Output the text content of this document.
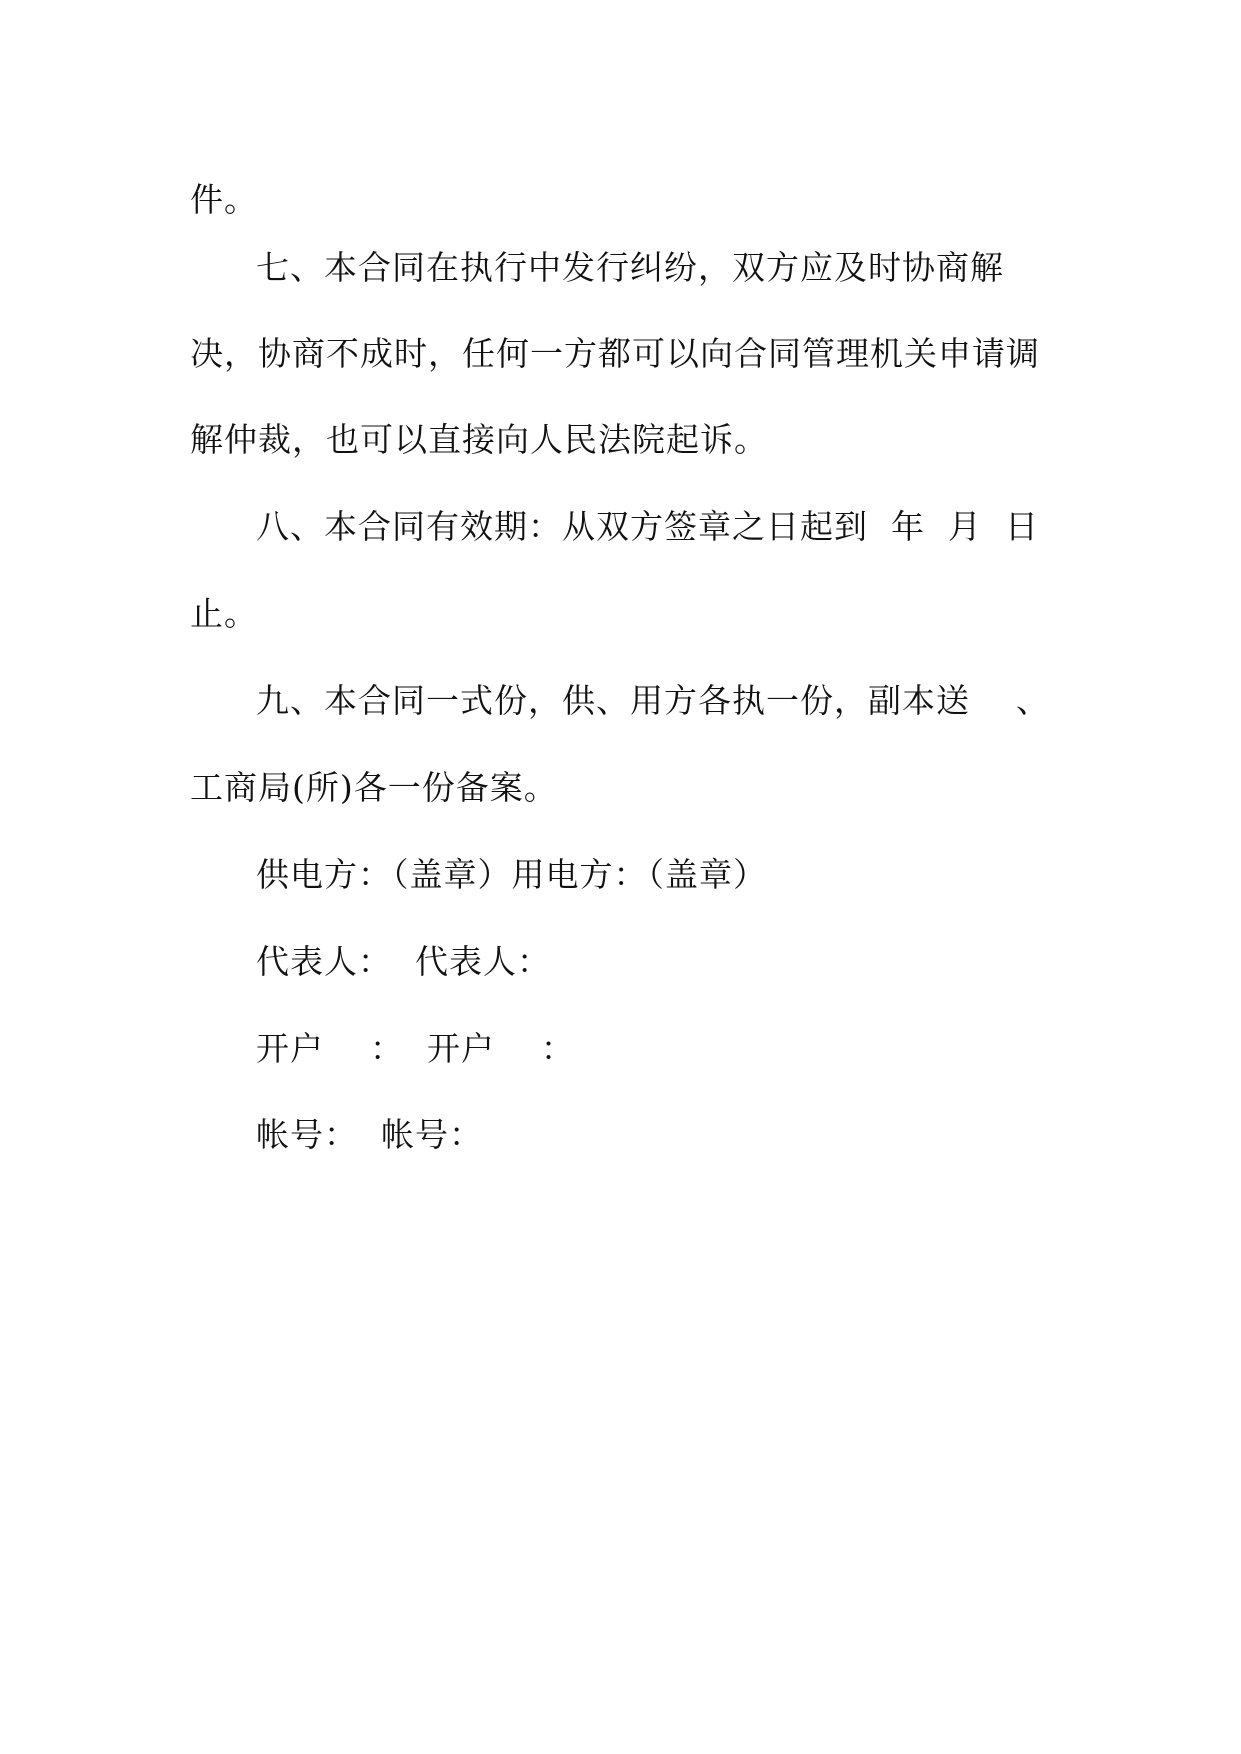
件。
七、本合同在执行中发行纠纷，双方应及时协商解
决，协商不成时，任何一方都可以向合同管理机关申请调
解仲裁，也可以直接向人民法院起诉。
八、本合同有效期：从双方签章之日起到  年  月  日
止。
九、本合同一式份，供、用方各执一份，副本送    、
工商局(所)各一份备案。
供电方：（盖章）用电方：（盖章）
代表人：  代表人：
开户    ：  开户    ：
帐号：  帐号：
